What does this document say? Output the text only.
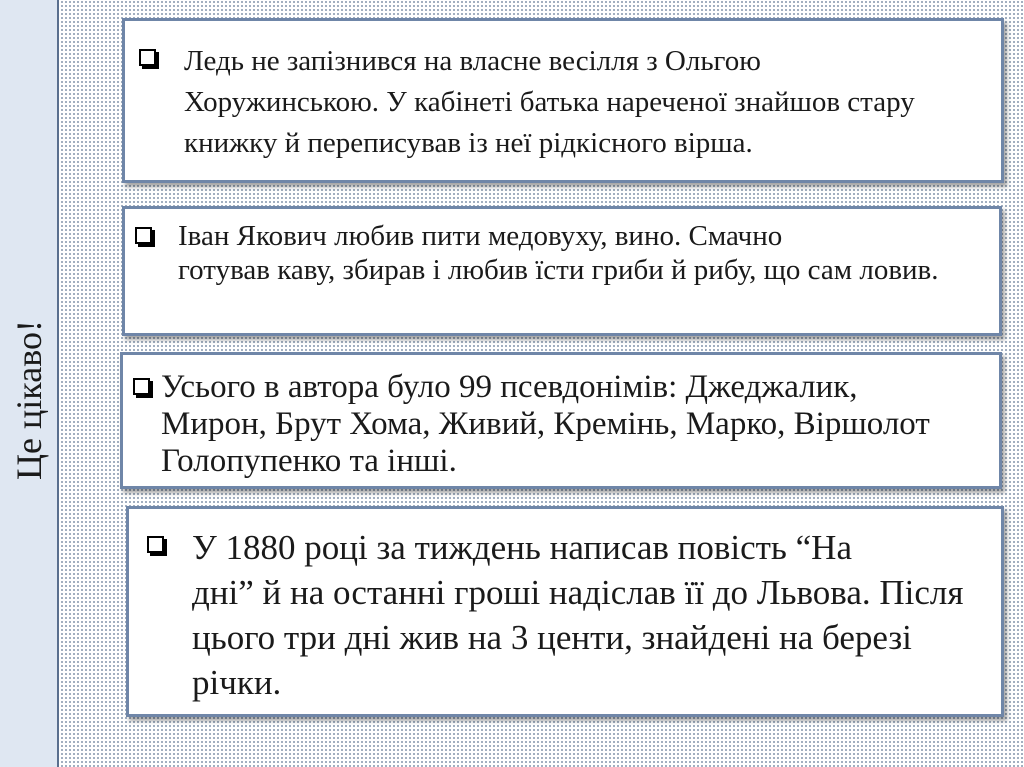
Це цікаво!
Ледь не запізнився на власне весілля з Ольгою
Хоружинською. У кабінеті батька нареченої знайшов стару книжку й переписував із неї рідкісного вірша.
Іван Якович любив пити медовуху, вино. Смачно
готував каву, збирав і любив їсти гриби й рибу, що сам ловив.
Усього в автора було 99 псевдонімів: Джеджалик,
Мирон, Брут Хома, Живий, Кремінь, Марко, Віршолот Голопупенко та інші.
У 1880 році за тиждень написав повість “На
дні” й на останні гроші надіслав її до Львова. Після цього три дні жив на 3 центи, знайдені на березі річки.
